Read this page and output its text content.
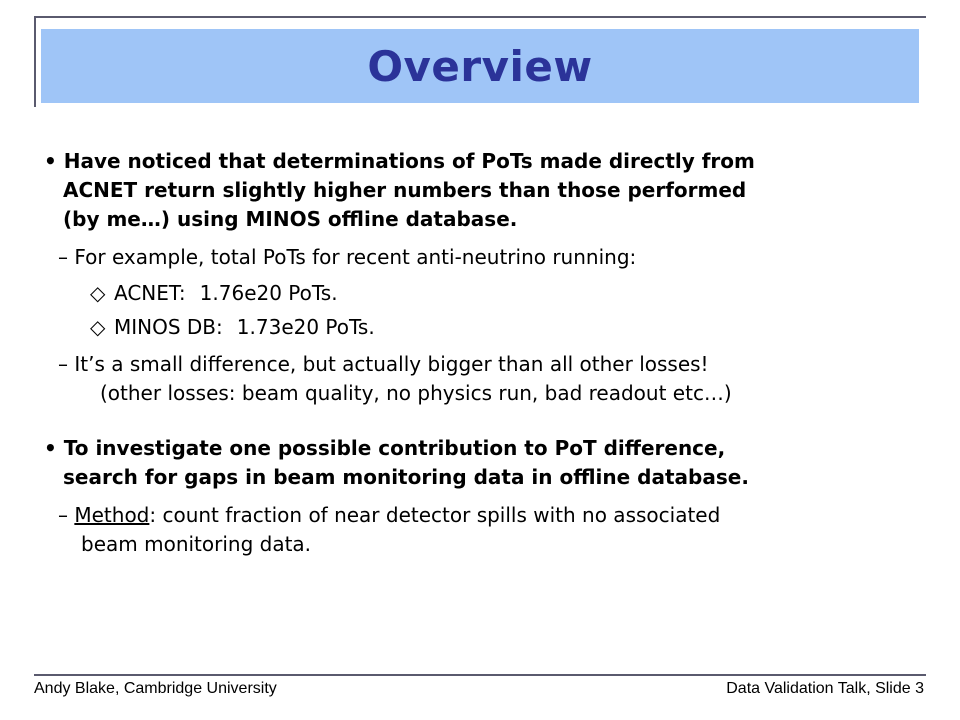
Overview
• Have noticed that determinations of PoTs made directly from
ACNET return slightly higher numbers than those performed
(by me…) using MINOS offline database.
– For example, total PoTs for recent anti-neutrino running:
◇ ACNET: 1.76e20 PoTs.
◇ MINOS DB: 1.73e20 PoTs.
– It’s a small difference, but actually bigger than all other losses!
(other losses: beam quality, no physics run, bad readout etc…)
• To investigate one possible contribution to PoT difference,
search for gaps in beam monitoring data in offline database.
– Method: count fraction of near detector spills with no associated
beam monitoring data.
Andy Blake, Cambridge University	Data Validation Talk, Slide 3
